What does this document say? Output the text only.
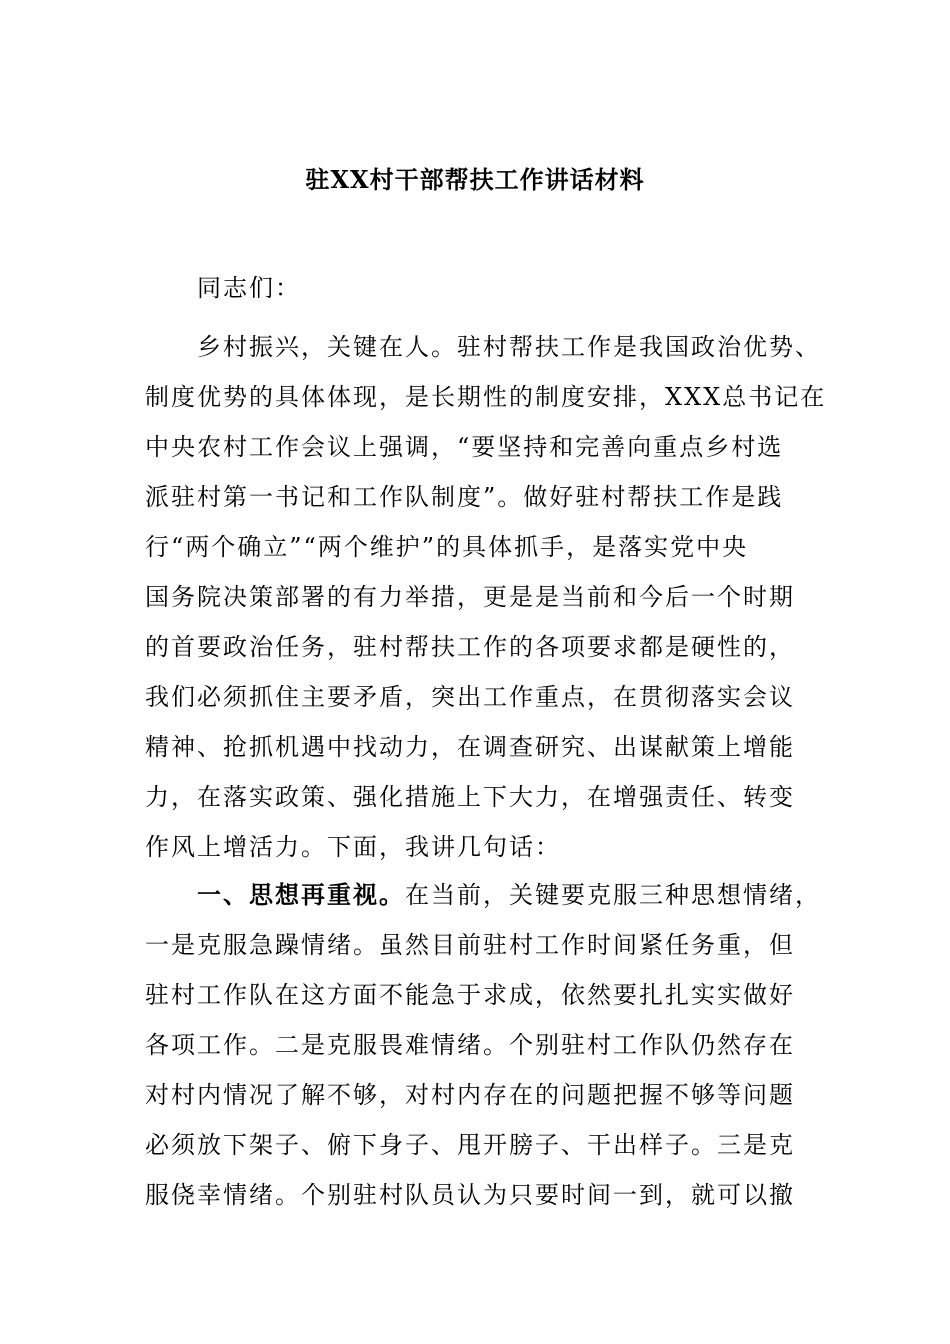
驻XX村干部帮扶工作讲话材料
同志们：
乡村振兴，关键在人。驻村帮扶工作是我国政治优势、
制度优势的具体体现，是长期性的制度安排，XXX总书记在
中央农村工作会议上强调，“要坚持和完善向重点乡村选
派驻村第一书记和工作队制度”。做好驻村帮扶工作是践
行“两个确立”“两个维护”的具体抓手，是落实党中央
国务院决策部署的有力举措，更是是当前和今后一个时期
的首要政治任务，驻村帮扶工作的各项要求都是硬性的，
我们必须抓住主要矛盾，突出工作重点，在贯彻落实会议
精神、抢抓机遇中找动力，在调查研究、出谋献策上增能
力，在落实政策、强化措施上下大力，在增强责任、转变
作风上增活力。下面，我讲几句话：
一、思想再重视。在当前，关键要克服三种思想情绪，
一是克服急躁情绪。虽然目前驻村工作时间紧任务重，但
驻村工作队在这方面不能急于求成，依然要扎扎实实做好
各项工作。二是克服畏难情绪。个别驻村工作队仍然存在
对村内情况了解不够，对村内存在的问题把握不够等问题
必须放下架子、俯下身子、甩开膀子、干出样子。三是克
服侥幸情绪。个别驻村队员认为只要时间一到，就可以撤
